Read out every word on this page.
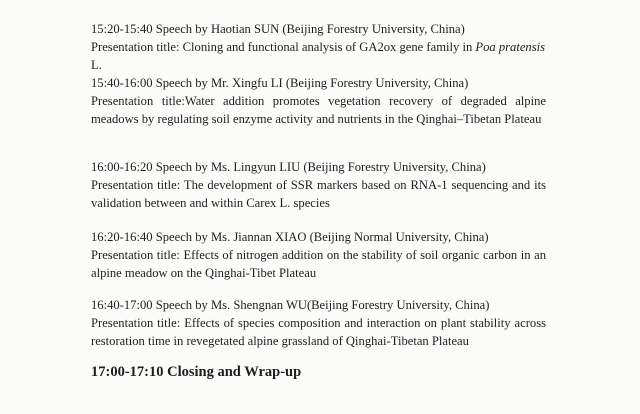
15:20-15:40 Speech by Haotian SUN (Beijing Forestry University, China)

Presentation title: Cloning and functional analysis of GA2ox gene family in Poa pratensis L.

15:40-16:00 Speech by Mr. Xingfu LI (Beijing Forestry University, China)

Presentation title:Water addition promotes vegetation recovery of degraded alpine meadows by regulating soil enzyme activity and nutrients in the Qinghai–Tibetan Plateau

16:00-16:20 Speech by Ms. Lingyun LIU (Beijing Forestry University, China)

Presentation title: The development of SSR markers based on RNA-1 sequencing and its validation between and within Carex L. species

16:20-16:40 Speech by Ms. Jiannan XIAO (Beijing Normal University, China)

Presentation title: Effects of nitrogen addition on the stability of soil organic carbon in an alpine meadow on the Qinghai-Tibet Plateau

16:40-17:00 Speech by Ms. Shengnan WU(Beijing Forestry University, China)

Presentation title: Effects of species composition and interaction on plant stability across restoration time in revegetated alpine grassland of Qinghai-Tibetan Plateau

17:00-17:10 Closing and Wrap-up
